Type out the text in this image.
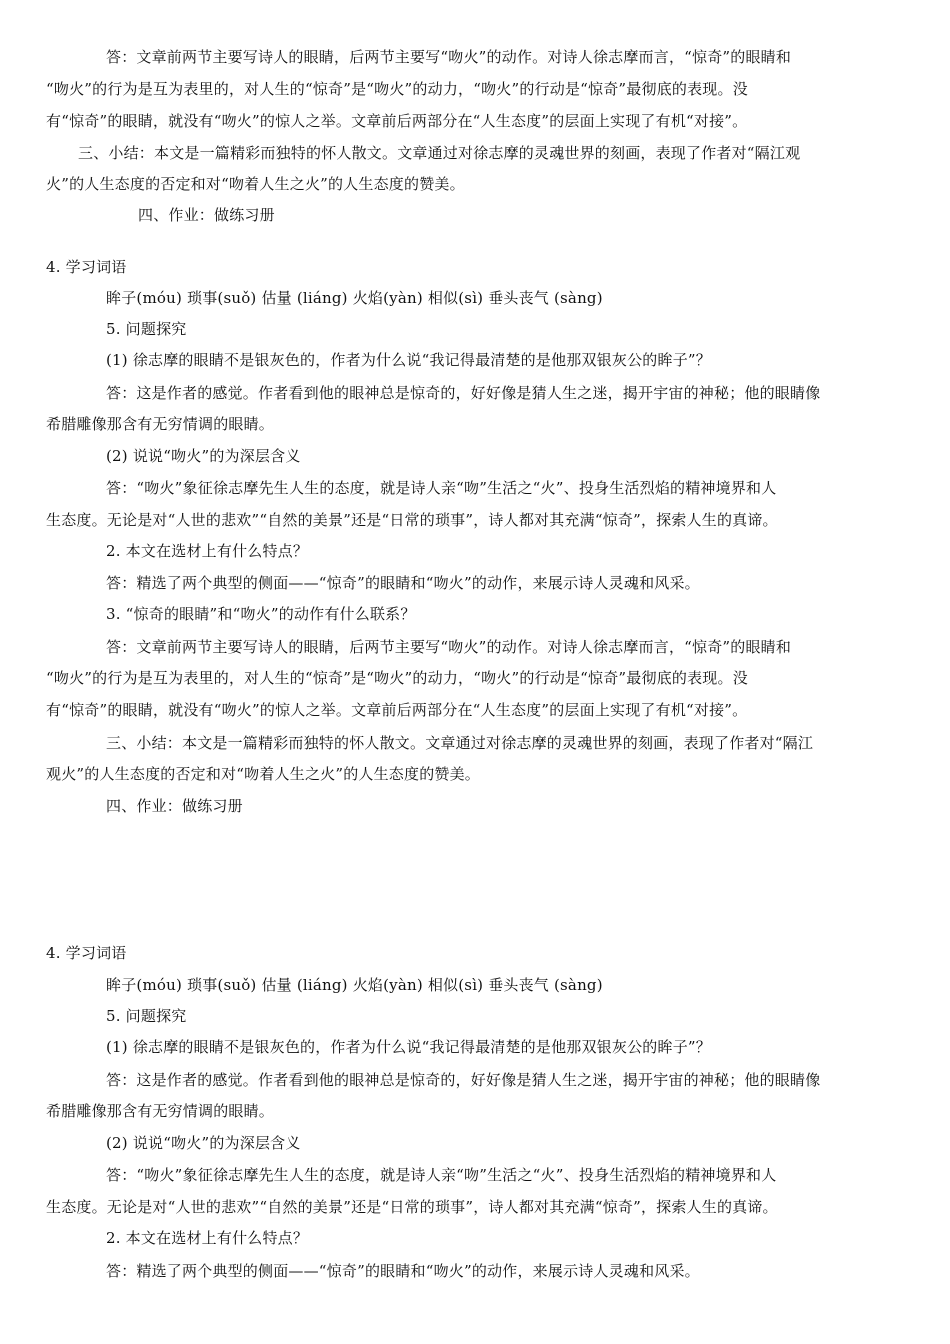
答：文章前两节主要写诗人的眼睛，后两节主要写“吻火”的动作。对诗人徐志摩而言，“惊奇”的眼睛和
“吻火”的行为是互为表里的，对人生的“惊奇”是“吻火”的动力，“吻火”的行动是“惊奇”最彻底的表现。没
有“惊奇”的眼睛，就没有“吻火”的惊人之举。文章前后两部分在“人生态度”的层面上实现了有机“对接”。
三、小结：本文是一篇精彩而独特的怀人散文。文章通过对徐志摩的灵魂世界的刻画，表现了作者对“隔江观
火”的人生态度的否定和对“吻着人生之火”的人生态度的赞美。
四、作业：做练习册
4. 学习词语
眸子(móu) 琐事(suǒ) 估量 (liáng) 火焰(yàn) 相似(sì) 垂头丧气 (sàng)
5. 问题探究
(1) 徐志摩的眼睛不是银灰色的，作者为什么说“我记得最清楚的是他那双银灰公的眸子”？
答：这是作者的感觉。作者看到他的眼神总是惊奇的，好好像是猜人生之迷，揭开宇宙的神秘；他的眼睛像
希腊雕像那含有无穷情调的眼睛。
(2) 说说“吻火”的为深层含义
答：“吻火”象征徐志摩先生人生的态度，就是诗人亲“吻”生活之“火”、投身生活烈焰的精神境界和人
生态度。无论是对“人世的悲欢”“自然的美景”还是“日常的琐事”，诗人都对其充满“惊奇”，探索人生的真谛。
2. 本文在选材上有什么特点？
答：精选了两个典型的侧面——“惊奇”的眼睛和“吻火”的动作，来展示诗人灵魂和风采。
3. “惊奇的眼睛”和“吻火”的动作有什么联系？
答：文章前两节主要写诗人的眼睛，后两节主要写“吻火”的动作。对诗人徐志摩而言，“惊奇”的眼睛和
“吻火”的行为是互为表里的，对人生的“惊奇”是“吻火”的动力，“吻火”的行动是“惊奇”最彻底的表现。没
有“惊奇”的眼睛，就没有“吻火”的惊人之举。文章前后两部分在“人生态度”的层面上实现了有机“对接”。
三、小结：本文是一篇精彩而独特的怀人散文。文章通过对徐志摩的灵魂世界的刻画，表现了作者对“隔江
观火”的人生态度的否定和对“吻着人生之火”的人生态度的赞美。
四、作业：做练习册
4. 学习词语
眸子(móu) 琐事(suǒ) 估量 (liáng) 火焰(yàn) 相似(sì) 垂头丧气 (sàng)
5. 问题探究
(1) 徐志摩的眼睛不是银灰色的，作者为什么说“我记得最清楚的是他那双银灰公的眸子”？
答：这是作者的感觉。作者看到他的眼神总是惊奇的，好好像是猜人生之迷，揭开宇宙的神秘；他的眼睛像
希腊雕像那含有无穷情调的眼睛。
(2) 说说“吻火”的为深层含义
答：“吻火”象征徐志摩先生人生的态度，就是诗人亲“吻”生活之“火”、投身生活烈焰的精神境界和人
生态度。无论是对“人世的悲欢”“自然的美景”还是“日常的琐事”，诗人都对其充满“惊奇”，探索人生的真谛。
2. 本文在选材上有什么特点？
答：精选了两个典型的侧面——“惊奇”的眼睛和“吻火”的动作，来展示诗人灵魂和风采。
